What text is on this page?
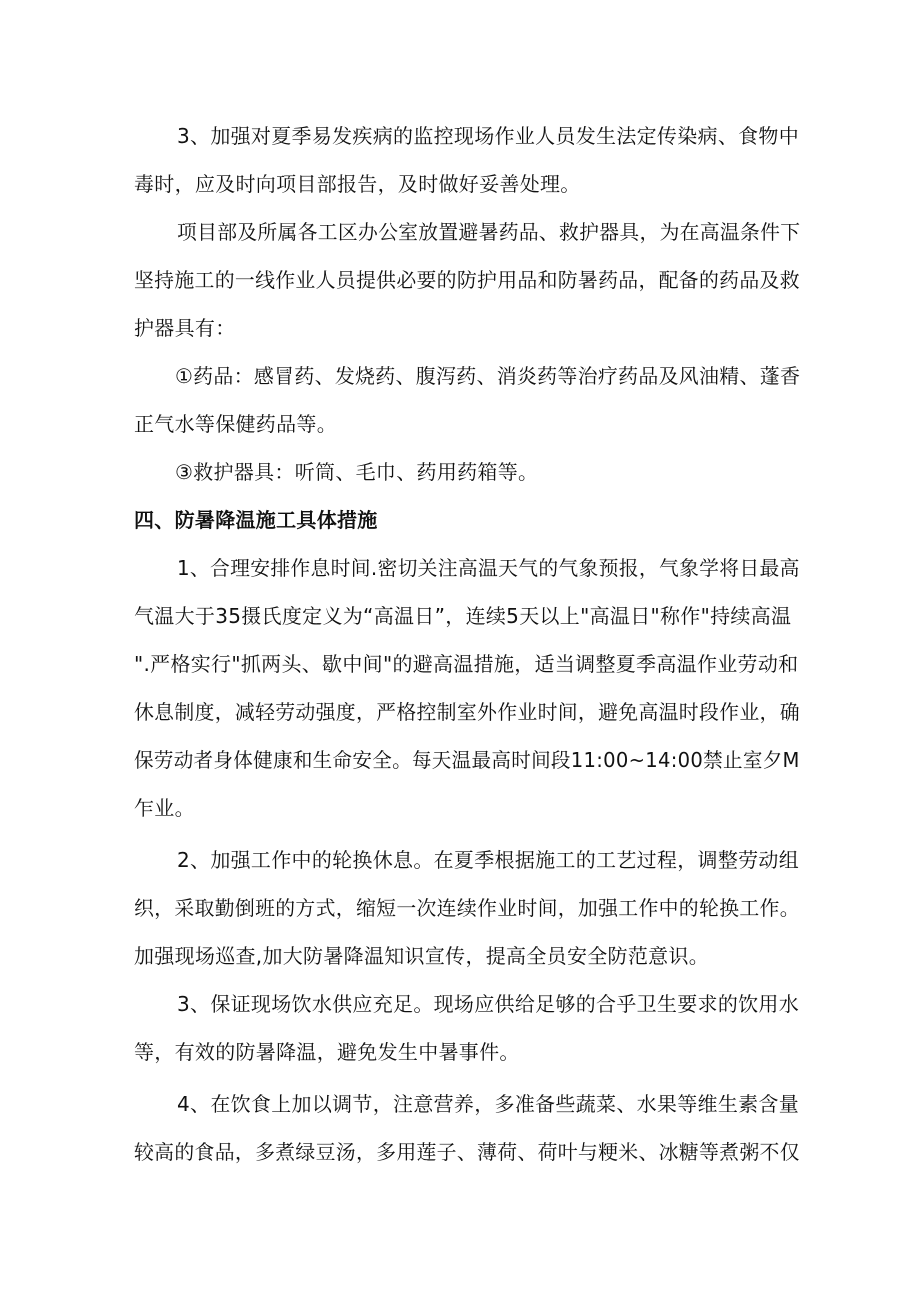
3、加强对夏季易发疾病的监控现场作业人员发生法定传染病、食物中
毒时，应及时向项目部报告，及时做好妥善处理。
项目部及所属各工区办公室放置避暑药品、救护器具，为在高温条件下
坚持施工的一线作业人员提供必要的防护用品和防暑药品，配备的药品及救
护器具有：
①药品：感冒药、发烧药、腹泻药、消炎药等治疗药品及风油精、蓬香
正气水等保健药品等。
③救护器具：听筒、毛巾、药用药箱等。
四、防暑降温施工具体措施
1、合理安排作息时间.密切关注高温天气的气象预报，气象学将日最高
气温大于35摄氏度定义为“高温日”，连续5天以上"高温日"称作"持续高温
".严格实行"抓两头、歇中间"的避高温措施，适当调整夏季高温作业劳动和
休息制度，减轻劳动强度，严格控制室外作业时间，避免高温时段作业，确
保劳动者身体健康和生命安全。每天温最高时间段11:00~14:00禁止室夕M
乍业。
2、加强工作中的轮换休息。在夏季根据施工的工艺过程，调整劳动组
织，采取勤倒班的方式，缩短一次连续作业时间，加强工作中的轮换工作。
加强现场巡查,加大防暑降温知识宣传，提高全员安全防范意识。
3、保证现场饮水供应充足。现场应供给足够的合乎卫生要求的饮用水
等，有效的防暑降温，避免发生中暑事件。
4、在饮食上加以调节，注意营养，多准备些蔬菜、水果等维生素含量
较高的食品，多煮绿豆汤，多用莲子、薄荷、荷叶与粳米、冰糖等煮粥不仅
